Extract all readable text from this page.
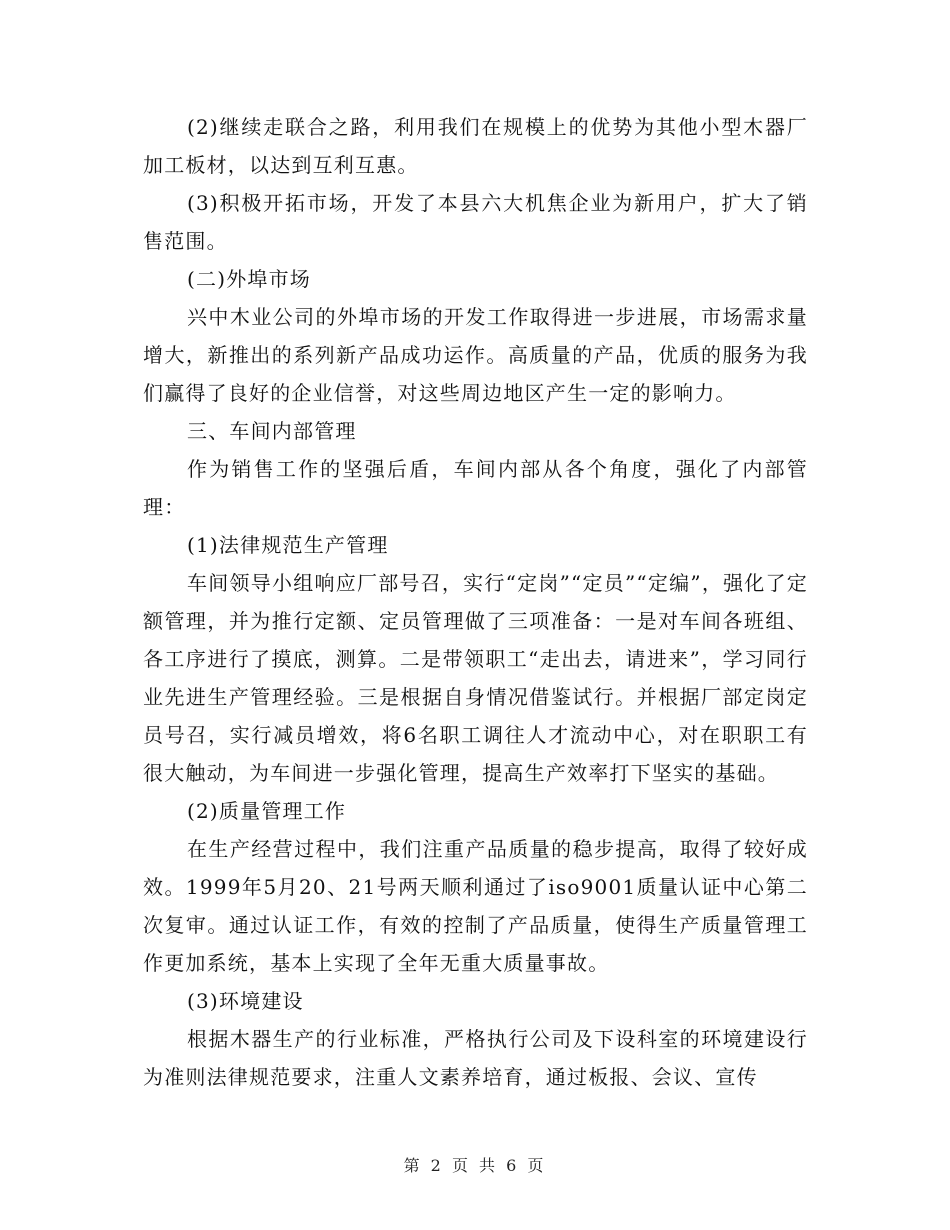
(2)继续走联合之路，利用我们在规模上的优势为其他小型木器厂加工板材，以达到互利互惠。

(3)积极开拓市场，开发了本县六大机焦企业为新用户，扩大了销售范围。

(二)外埠市场

兴中木业公司的外埠市场的开发工作取得进一步进展，市场需求量增大，新推出的系列新产品成功运作。高质量的产品，优质的服务为我们赢得了良好的企业信誉，对这些周边地区产生一定的影响力。

三、车间内部管理

作为销售工作的坚强后盾，车间内部从各个角度，强化了内部管理：

(1)法律规范生产管理

车间领导小组响应厂部号召，实行“定岗”“定员”“定编”，强化了定额管理，并为推行定额、定员管理做了三项准备：一是对车间各班组、各工序进行了摸底，测算。二是带领职工“走出去，请进来”，学习同行业先进生产管理经验。三是根据自身情况借鉴试行。并根据厂部定岗定员号召，实行减员增效，将6名职工调往人才流动中心，对在职职工有很大触动，为车间进一步强化管理，提高生产效率打下坚实的基础。

(2)质量管理工作

在生产经营过程中，我们注重产品质量的稳步提高，取得了较好成效。1999年5月20、21号两天顺利通过了iso9001质量认证中心第二次复审。通过认证工作，有效的控制了产品质量，使得生产质量管理工作更加系统，基本上实现了全年无重大质量事故。

(3)环境建设

根据木器生产的行业标准，严格执行公司及下设科室的环境建设行为准则法律规范要求，注重人文素养培育，通过板报、会议、宣传

第 2 页 共 6 页
